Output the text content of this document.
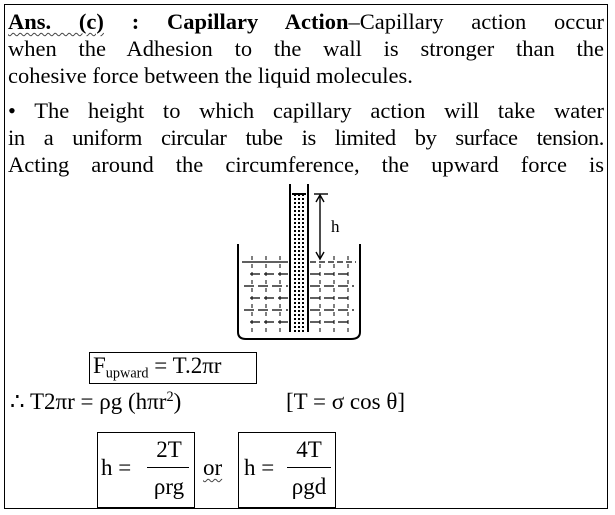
Ans. (c) : Capillary Action–Capillary action occur
when the Adhesion to the wall is stronger than the
cohesive force between the liquid molecules.
• The height to which capillary action will take water
in a uniform circular tube is limited by surface tension.
Acting around the circumference, the upward force is
h
$F_{upward} = T.2\pi r$
∴ T2πr = ρg (hπr$^2$)	[T = σ cos θ]
h =
2T
ρrg
or h =
4T
ρgd
